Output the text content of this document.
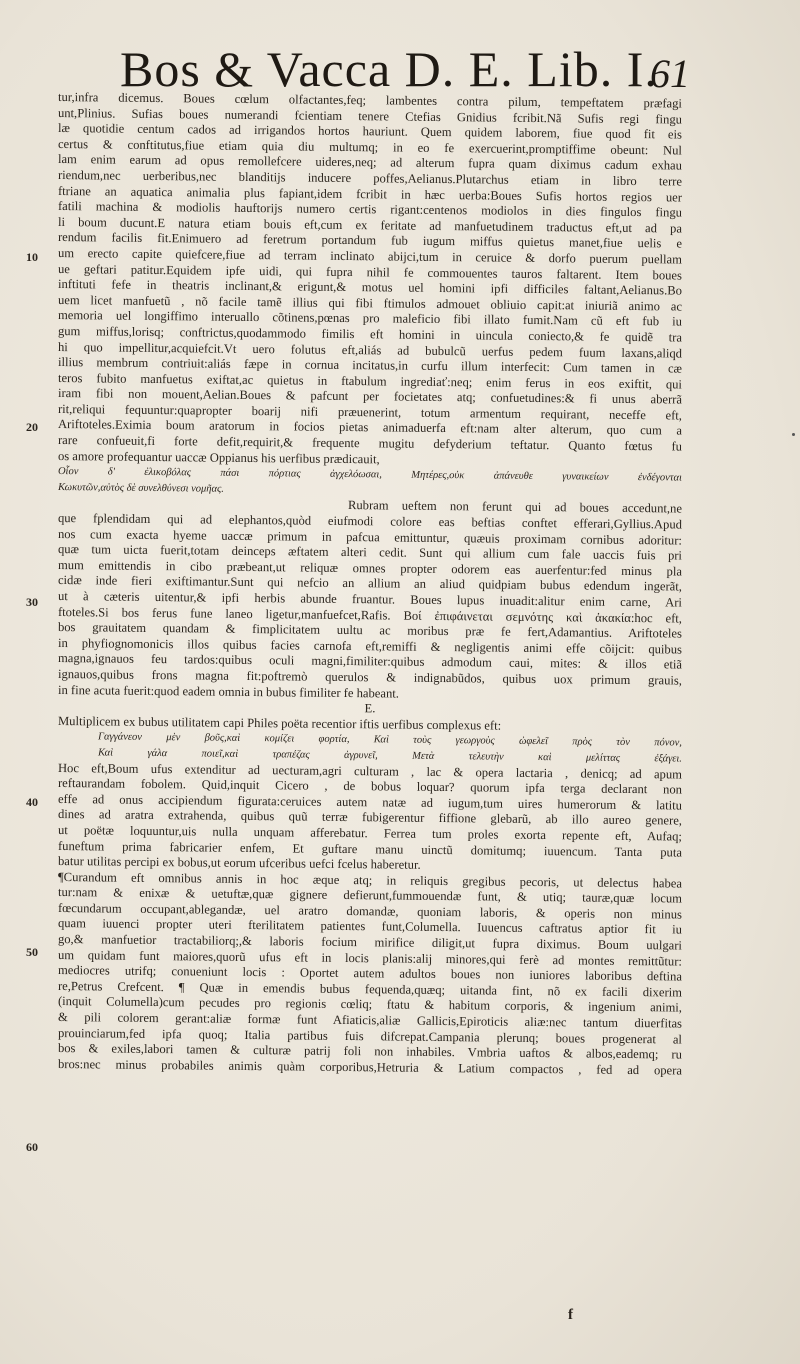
Bos & Vacca D. E. Lib. I.
61
10
20
30
40
50
60
tur,infra dicemus. Boues cœlum olfactantes,feq; lambentes contra pilum, tempeftatem præfagi
unt,Plinius. Sufias boues numerandi fcientiam tenere Ctefias Gnidius fcribit.Nã Sufis regi fingu
læ quotidie centum cados ad irrigandos hortos hauriunt. Quem quidem laborem, fiue quod fit eis
certus & conftitutus,fiue etiam quia diu multumq; in eo fe exercuerint,promptiffime obeunt: Nul
lam enim earum ad opus remollefcere uideres,neq; ad alterum fupra quam diximus cadum exhau
riendum,nec uerberibus,nec blanditijs inducere poffes,Aelianus.Plutarchus etiam in libro terre
ftriane an aquatica animalia plus fapiant,idem fcribit in hæc uerba:Boues Sufis hortos regios uer
fatili machina & modiolis hauftorijs numero certis rigant:centenos modiolos in dies fingulos fingu
li boum ducunt.E natura etiam bouis eft,cum ex feritate ad manfuetudinem traductus eft,ut ad pa
rendum facilis fit.Enimuero ad feretrum portandum fub iugum miffus quietus manet,fiue uelis e
um erecto capite quiefcere,fiue ad terram inclinato abijci,tum in ceruice & dorfo puerum puellam
ue geftari patitur.Equidem ipfe uidi, qui fupra nihil fe commouentes tauros faltarent. Item boues
inftituti fefe in theatris inclinant,& erigunt,& motus uel homini ipfi difficiles faltant,Aelianus.Bo
uem licet manfuetũ , nõ facile tamẽ illius qui fibi ftimulos admouet obliuio capit:at iniuriã animo ac
memoria uel longiffimo interuallo cõtinens,pœnas pro maleficio fibi illato fumit.Nam cũ eft fub iu
gum miffus,lorisq; conftrictus,quodammodo fimilis eft homini in uincula coniecto,& fe quidẽ tra
hi quo impellitur,acquiefcit.Vt uero folutus eft,aliás ad bubulcũ uerfus pedem fuum laxans,aliqd
illius membrum contriuit:aliás fæpe in cornua incitatus,in curfu illum interfecit: Cum tamen in cæ
teros fubito manfuetus exiftat,ac quietus in ftabulum ingrediať:neq; enim ferus in eos exiftit, qui
iram fibi non mouent,Aelian.Boues & pafcunt per focietates atq; confuetudines:& fi unus aberrã
rit,reliqui fequuntur:quapropter boarij nifi præuenerint, totum armentum requirant, neceffe eft,
Ariftoteles.Eximia boum aratorum in focios pietas animaduerfa eft:nam alter alterum, quo cum a
rare confueuit,fi forte defit,requirit,& frequente mugitu defyderium teftatur. Quanto fœtus fu
os amore profequantur uaccæ Oppianus his uerfibus prædicauit,
Οἶον δ' ἐλικοβόλας πάσι πόρτιας ἀγχελόωσαι, Μητέρες,οὐκ ἀπάνευθε γυναικείων ἐνδέγονται
Κωκυτῶν,αὐτὸς δὲ συνελθύνεσι νομῆας.
Rubram ueftem non ferunt qui ad boues accedunt,ne
que fplendidam qui ad elephantos,quòd eiufmodi colore eas beftias conftet efferari,Gyllius.Apud
nos cum exacta hyeme uaccæ primum in pafcua emittuntur, quæuis proximam cornibus adoritur:
quæ tum uicta fuerit,totam deinceps æftatem alteri cedit. Sunt qui allium cum fale uaccis fuis pri
mum emittendis in cibo præbeant,ut reliquæ omnes propter odorem eas auerfentur:fed minus pla
cidæ inde fieri exiftimantur.Sunt qui nefcio an allium an aliud quidpiam bubus edendum ingerãt,
ut à cæteris uitentur,& ipfi herbis abunde fruantur. Boues lupus inuadit:alitur enim carne, Ari
ftoteles.Si bos ferus fune laneo ligetur,manfuefcet,Rafis. Βοί ἐπιφάινεται σεμνότης καὶ ἀκακία:hoc eft,
bos grauitatem quandam & fimplicitatem uultu ac moribus præ fe fert,Adamantius. Ariftoteles
in phyfiognomonicis illos quibus facies carnofa eft,remiffi & negligentis animi effe cõijcit: quibus
magna,ignauos feu tardos:quibus oculi magni,fimiliter:quibus admodum caui, mites: & illos etiã
ignauos,quibus frons magna fit:poftremò querulos & indignabũdos, quibus uox primum grauis,
in fine acuta fuerit:quod eadem omnia in bubus fimiliter fe habeant.
E.
Multiplicem ex bubus utilitatem capi Philes poëta recentior iftis uerfibus complexus eft:
Γαγγάνεον μὲν βοῦς,καὶ κομίζει φορτία, Καὶ τοὺς γεωργοὺς ὠφελεῖ πρὸς τὸν πόνον,
Καὶ γάλα ποιεῖ,καὶ τραπέζας ἀγρυνεῖ, Μετὰ τελευτὴν καὶ μελίττας ἐξάγει.
Hoc eft,Boum ufus extenditur ad uecturam,agri culturam , lac & opera lactaria , denicq; ad apum
reftaurandam fobolem. Quid,inquit Cicero , de bobus loquar? quorum ipfa terga declarant non
effe ad onus accipiendum figurata:ceruices autem natæ ad iugum,tum uires humerorum & latitu
dines ad aratra extrahenda, quibus quũ terræ fubigerentur fiffione glebarũ, ab illo aureo genere,
ut poëtæ loquuntur,uis nulla unquam afferebatur. Ferrea tum proles exorta repente eft, Aufaq;
funeftum prima fabricarier enfem, Et guftare manu uinctũ domitumq; iuuencum. Tanta puta
batur utilitas percipi ex bobus,ut eorum ufceribus uefci fcelus haberetur.
¶Curandum eft omnibus annis in hoc æque atq; in reliquis gregibus pecoris, ut delectus habea
tur:nam & enixæ & uetuftæ,quæ gignere defierunt,fummouendæ funt, & utiq; tauræ,quæ locum
fœcundarum occupant,ablegandæ, uel aratro domandæ, quoniam laboris, & operis non minus
quam iuuenci propter uteri fterilitatem patientes funt,Columella. Iuuencus caftratus aptior fit iu
go,& manfuetior tractabiliorq;,& laboris focium mirifice diligit,ut fupra diximus. Boum uulgari
um quidam funt maiores,quorũ ufus eft in locis planis:alij minores,qui ferè ad montes remittũtur:
mediocres utrifq; conueniunt locis : Oportet autem adultos boues non iuniores laboribus deftina
re,Petrus Crefcent. ¶ Quæ in emendis bubus fequenda,quæq; uitanda fint, nõ ex facili dixerim
(inquit Columella)cum pecudes pro regionis cœliq; ftatu & habitum corporis, & ingenium animi,
& pili colorem gerant:aliæ formæ funt Afiaticis,aliæ Gallicis,Epiroticis aliæ:nec tantum diuerfitas
prouinciarum,fed ipfa quoq; Italia partibus fuis difcrepat.Campania plerunq; boues progenerat al
bos & exiles,labori tamen & culturæ patrij foli non inhabiles. Vmbria uaftos & albos,eademq; ru
bros:nec minus probabiles animis quàm corporibus,Hetruria & Latium compactos , fed ad opera
f
